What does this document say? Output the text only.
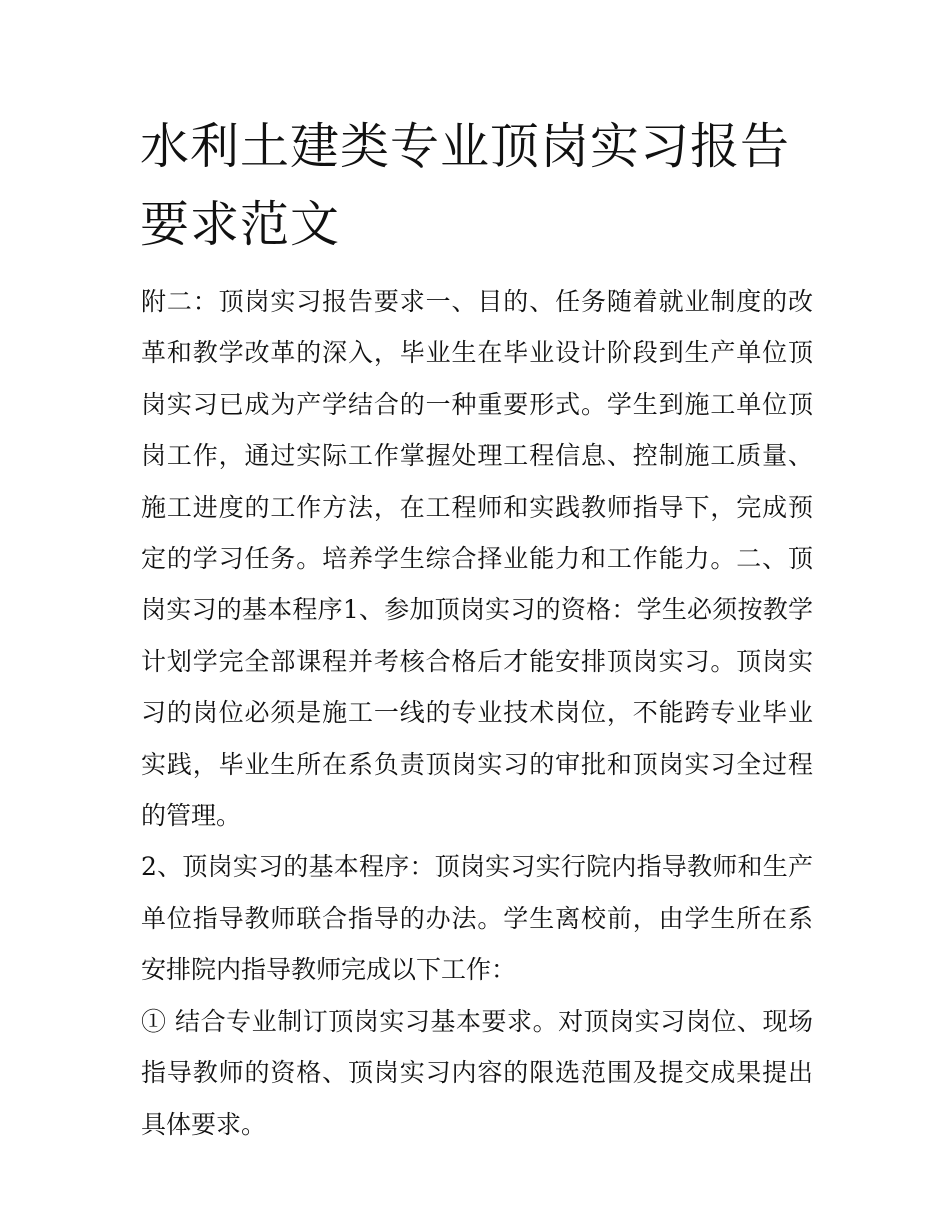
水利土建类专业顶岗实习报告要求范文

附二：顶岗实习报告要求一、目的、任务随着就业制度的改革和教学改革的深入，毕业生在毕业设计阶段到生产单位顶岗实习已成为产学结合的一种重要形式。学生到施工单位顶岗工作，通过实际工作掌握处理工程信息、控制施工质量、施工进度的工作方法，在工程师和实践教师指导下，完成预定的学习任务。培养学生综合择业能力和工作能力。二、顶岗实习的基本程序1、参加顶岗实习的资格：学生必须按教学计划学完全部课程并考核合格后才能安排顶岗实习。顶岗实习的岗位必须是施工一线的专业技术岗位，不能跨专业毕业实践，毕业生所在系负责顶岗实习的审批和顶岗实习全过程的管理。

2、顶岗实习的基本程序：顶岗实习实行院内指导教师和生产单位指导教师联合指导的办法。学生离校前，由学生所在系安排院内指导教师完成以下工作：

① 结合专业制订顶岗实习基本要求。对顶岗实习岗位、现场指导教师的资格、顶岗实习内容的限选范围及提交成果提出具体要求。
